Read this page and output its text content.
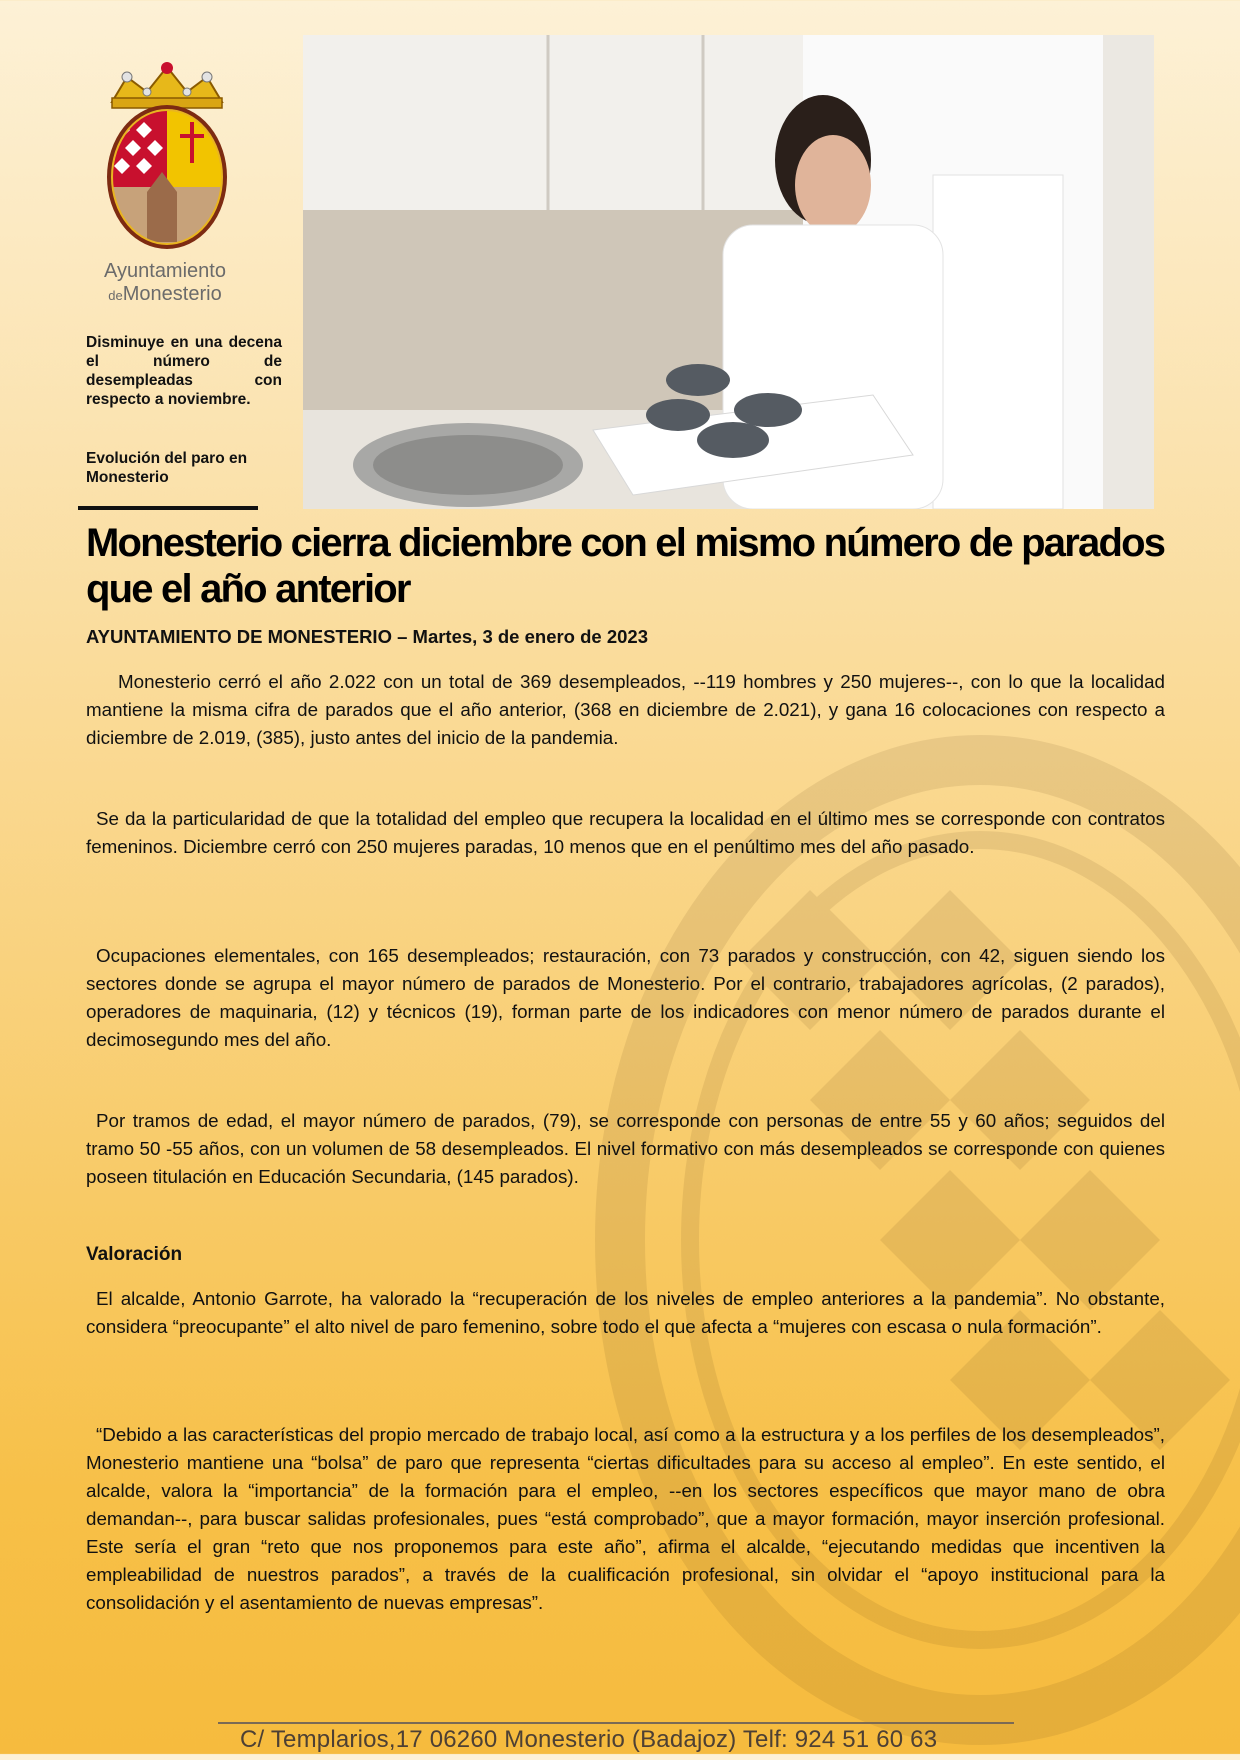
Ayuntamiento
deMonesterio
Disminuye en una decena el número de desempleadas con respecto a noviembre.
Evolución del paro en Monesterio
Monesterio cierra diciembre con el mismo número de parados que el año anterior
AYUNTAMIENTO DE MONESTERIO – Martes, 3 de enero de 2023

Monesterio cerró el año 2.022 con un total de 369 desempleados, --119 hombres y 250 mujeres--, con lo que la localidad mantiene la misma cifra de parados que el año anterior, (368 en diciembre de 2.021), y gana 16 colocaciones con respecto a diciembre de 2.019, (385), justo antes del inicio de la pandemia.

Se da la particularidad de que la totalidad del empleo que recupera la localidad en el último mes se corresponde con contratos femeninos. Diciembre cerró con 250 mujeres paradas, 10 menos que en el penúltimo mes del año pasado.

Ocupaciones elementales, con 165 desempleados; restauración, con 73 parados y construcción, con 42, siguen siendo los sectores donde se agrupa el mayor número de parados de Monesterio. Por el contrario, trabajadores agrícolas, (2 parados), operadores de maquinaria, (12) y técnicos (19), forman parte de los indicadores con menor número de parados durante el decimosegundo mes del año.

Por tramos de edad, el mayor número de parados, (79), se corresponde con personas de entre 55 y 60 años; seguidos del tramo 50 -55 años, con un volumen de 58 desempleados. El nivel formativo con más desempleados se corresponde con quienes poseen titulación en Educación Secundaria, (145 parados).

Valoración

El alcalde, Antonio Garrote, ha valorado la “recuperación de los niveles de empleo anteriores a la pandemia”. No obstante, considera “preocupante” el alto nivel de paro femenino, sobre todo el que afecta a “mujeres con escasa o nula formación”.

“Debido a las características del propio mercado de trabajo local, así como a la estructura y a los perfiles de los desempleados”, Monesterio mantiene una “bolsa” de paro que representa “ciertas dificultades para su acceso al empleo”. En este sentido, el alcalde, valora la “importancia” de la formación para el empleo, --en los sectores específicos que mayor mano de obra demandan--, para buscar salidas profesionales, pues “está comprobado”, que a mayor formación, mayor inserción profesional. Este sería el gran “reto que nos proponemos para este año”, afirma el alcalde, “ejecutando medidas que incentiven la empleabilidad de nuestros parados”, a través de la cualificación profesional, sin olvidar el “apoyo institucional para la consolidación y el asentamiento de nuevas empresas”.

C/ Templarios,17 06260 Monesterio (Badajoz) Telf: 924 51 60 63
